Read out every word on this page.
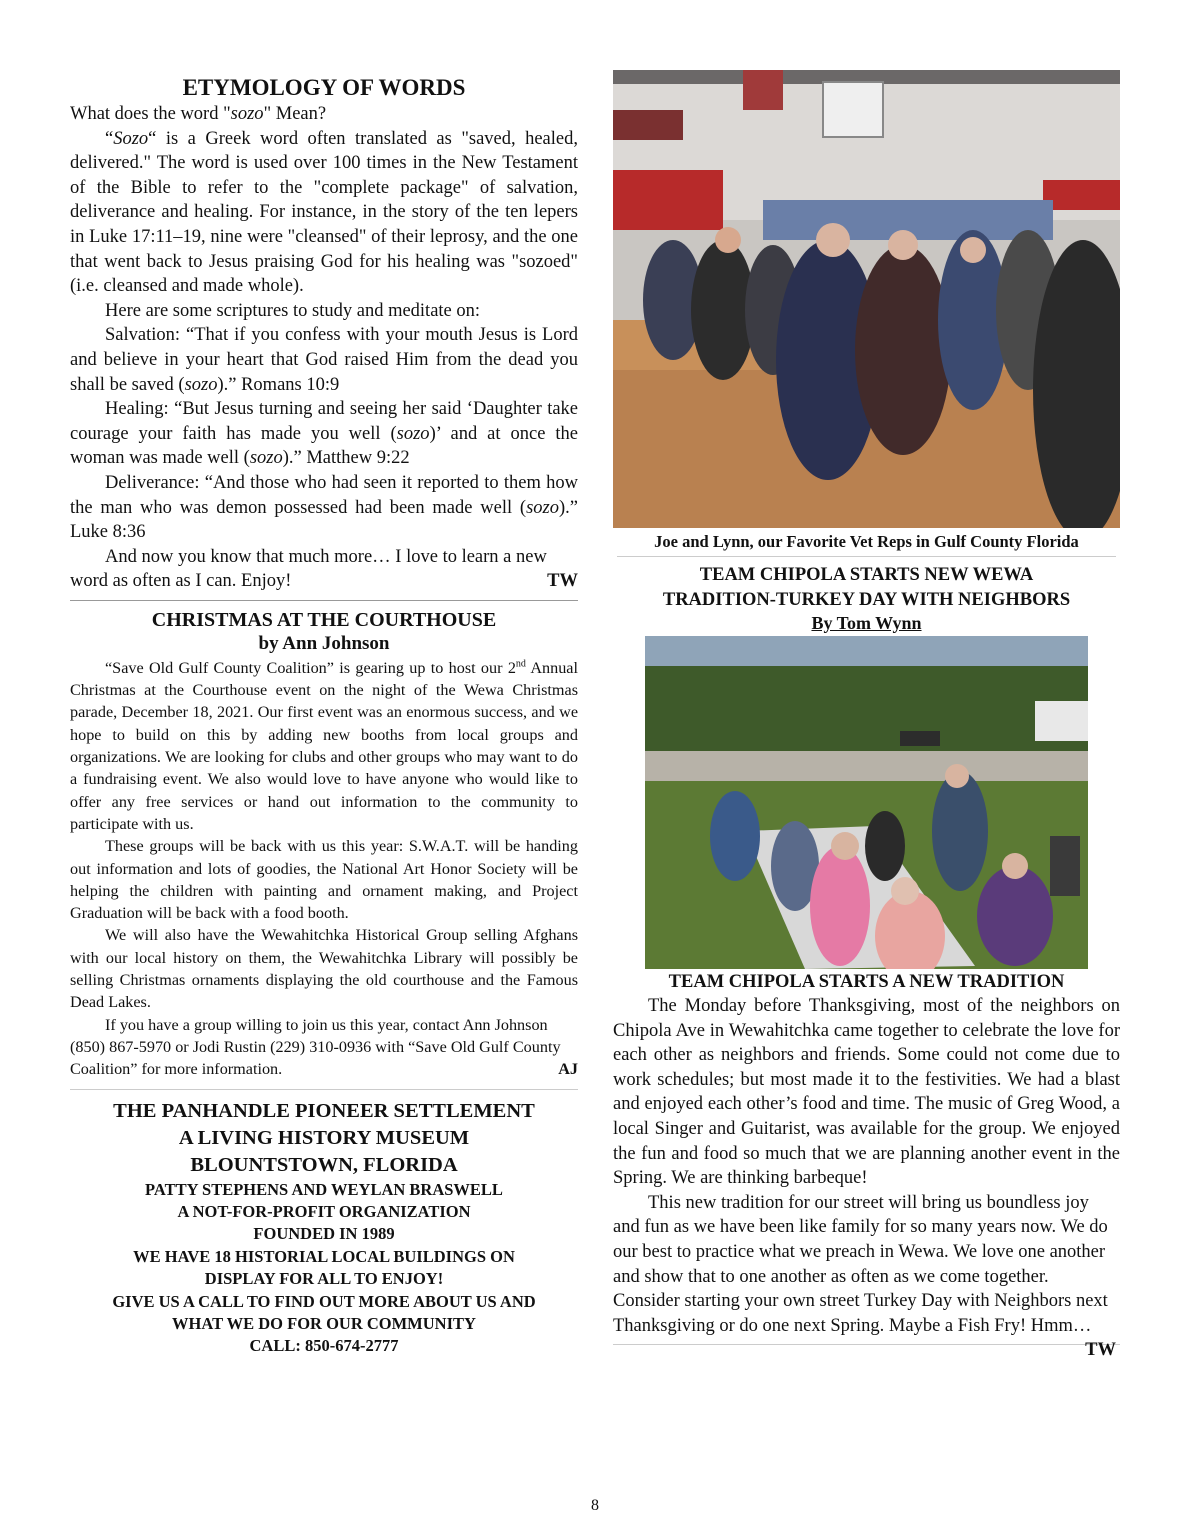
ETYMOLOGY OF WORDS

What does the word "sozo" Mean?

“Sozo“ is a Greek word often translated as "saved, healed, delivered." The word is used over 100 times in the New Testament of the Bible to refer to the "complete package" of salvation, deliverance and healing. For instance, in the story of the ten lepers in Luke 17:11–19, nine were "cleansed" of their leprosy, and the one that went back to Jesus praising God for his healing was "sozoed" (i.e. cleansed and made whole).

Here are some scriptures to study and meditate on:

Salvation: “That if you confess with your mouth Jesus is Lord and believe in your heart that God raised Him from the dead you shall be saved (sozo).” Romans 10:9

Healing: “But Jesus turning and seeing her said ‘Daughter take courage your faith has made you well (sozo)’ and at once the woman was made well (sozo).” Matthew 9:22

Deliverance: “And those who had seen it reported to them how the man who was demon possessed had been made well (sozo).” Luke 8:36

And now you know that much more… I love to learn a new word as often as I can. Enjoy!	TW

CHRISTMAS AT THE COURTHOUSE

by Ann Johnson

“Save Old Gulf County Coalition” is gearing up to host our 2nd Annual Christmas at the Courthouse event on the night of the Wewa Christmas parade, December 18, 2021. Our first event was an enormous success, and we hope to build on this by adding new booths from local groups and organizations. We are looking for clubs and other groups who may want to do a fundraising event. We also would love to have anyone who would like to offer any free services or hand out information to the community to participate with us.

These groups will be back with us this year: S.W.A.T. will be handing out information and lots of goodies, the National Art Honor Society will be helping the children with painting and ornament making, and Project Graduation will be back with a food booth.

We will also have the Wewahitchka Historical Group selling Afghans with our local history on them, the Wewahitchka Library will possibly be selling Christmas ornaments displaying the old courthouse and the Famous Dead Lakes.

If you have a group willing to join us this year, contact Ann Johnson (850) 867-5970 or Jodi Rustin (229) 310-0936 with “Save Old Gulf County Coalition” for more information.	AJ

THE PANHANDLE PIONEER SETTLEMENT
A LIVING HISTORY MUSEUM
BLOUNTSTOWN, FLORIDA
PATTY STEPHENS AND WEYLAN BRASWELL
A NOT-FOR-PROFIT ORGANIZATION
FOUNDED IN 1989
WE HAVE 18 HISTORIAL LOCAL BUILDINGS ON
DISPLAY FOR ALL TO ENJOY!
GIVE US A CALL TO FIND OUT MORE ABOUT US AND
WHAT WE DO FOR OUR COMMUNITY
CALL: 850-674-2777

Joe and Lynn, our Favorite Vet Reps in Gulf County Florida

TEAM CHIPOLA STARTS NEW WEWA
TRADITION-TURKEY DAY WITH NEIGHBORS

By Tom Wynn

TEAM CHIPOLA STARTS A NEW TRADITION

The Monday before Thanksgiving, most of the neighbors on Chipola Ave in Wewahitchka came together to celebrate the love for each other as neighbors and friends. Some could not come due to work schedules; but most made it to the festivities. We had a blast and enjoyed each other’s food and time. The music of Greg Wood, a local Singer and Guitarist, was available for the group. We enjoyed the fun and food so much that we are planning another event in the Spring. We are thinking barbeque!

This new tradition for our street will bring us boundless joy and fun as we have been like family for so many years now. We do our best to practice what we preach in Wewa. We love one another and show that to one another as often as we come together. Consider starting your own street Turkey Day with Neighbors next Thanksgiving or do one next Spring. Maybe a Fish Fry! Hmm…
TW

8
